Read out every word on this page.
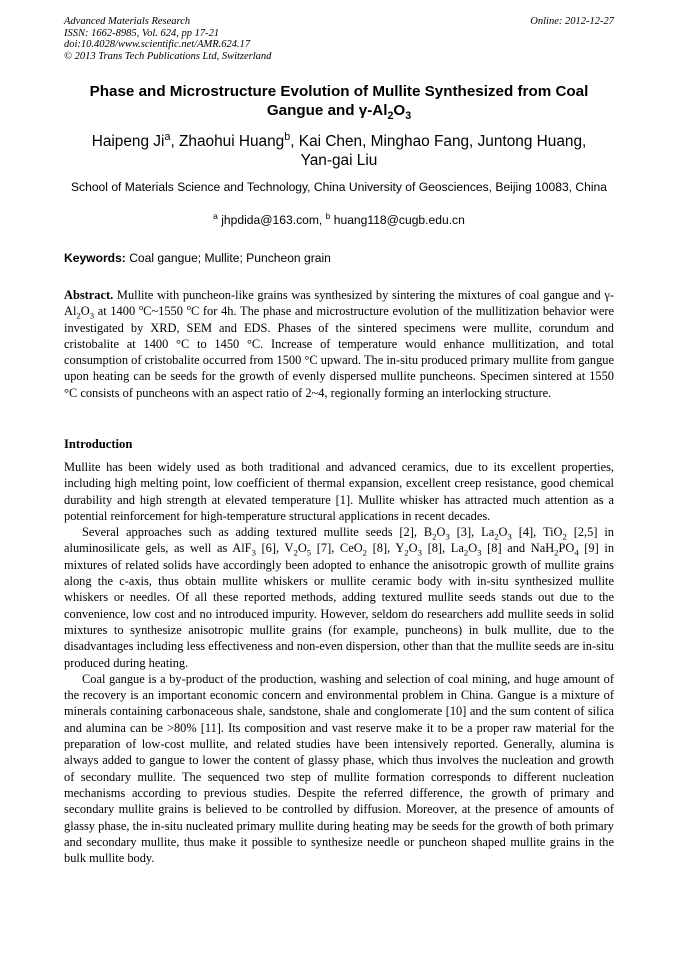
Advanced Materials Research
ISSN: 1662-8985, Vol. 624, pp 17-21
doi:10.4028/www.scientific.net/AMR.624.17
© 2013 Trans Tech Publications Ltd, Switzerland
Online: 2012-12-27
Phase and Microstructure Evolution of Mullite Synthesized from Coal
Gangue and $\gamma-Al_2O_3$
Haipeng Ji$^a$, Zhaohui Huang$^b$, Kai Chen, Minghao Fang, Juntong Huang,
Yan-gai Liu
School of Materials Science and Technology, China University of Geosciences, Beijing 10083, China
$^a$ jhpdida@163.com, $^b$ huang118@cugb.edu.cn
Keywords: Coal gangue; Mullite; Puncheon grain

Abstract. Mullite with puncheon-like grains was synthesized by sintering the mixtures of coal gangue and $\gamma-Al_2O_3$ at 1400 $^o$C~1550 $^o$C for 4h. The phase and microstructure evolution of the mullitization behavior were investigated by XRD, SEM and EDS. Phases of the sintered specimens were mullite, corundum and cristobalite at 1400 °C to 1450 °C. Increase of temperature would enhance mullitization, and total consumption of cristobalite occurred from 1500 °C upward. The in-situ produced primary mullite from gangue upon heating can be seeds for the growth of evenly dispersed mullite puncheons. Specimen sintered at 1550 °C consists of puncheons with an aspect ratio of 2~4, regionally forming an interlocking structure.

Introduction

Mullite has been widely used as both traditional and advanced ceramics, due to its excellent properties, including high melting point, low coefficient of thermal expansion, excellent creep resistance, good chemical durability and high strength at elevated temperature [1]. Mullite whisker has attracted much attention as a potential reinforcement for high-temperature structural applications in recent decades.

Several approaches such as adding textured mullite seeds [2], $B_2O_3$ [3], $La_2O_3$ [4], TiO$_2$ [2,5] in aluminosilicate gels, as well as AlF$_3$ [6], $V_2O_5$ [7], CeO$_2$ [8], $Y_2O_3$ [8], $La_2O_3$ [8] and $NaH_2PO_4$ [9] in mixtures of related solids have accordingly been adopted to enhance the anisotropic growth of mullite grains along the c-axis, thus obtain mullite whiskers or mullite ceramic body with in-situ synthesized mullite whiskers or needles. Of all these reported methods, adding textured mullite seeds stands out due to the convenience, low cost and no introduced impurity. However, seldom do researchers add mullite seeds in solid mixtures to synthesize anisotropic mullite grains (for example, puncheons) in bulk mullite, due to the disadvantages including less effectiveness and non-even dispersion, other than that the mullite seeds are in-situ produced during heating.

Coal gangue is a by-product of the production, washing and selection of coal mining, and huge amount of the recovery is an important economic concern and environmental problem in China. Gangue is a mixture of minerals containing carbonaceous shale, sandstone, shale and conglomerate [10] and the sum content of silica and alumina can be >80% [11]. Its composition and vast reserve make it to be a proper raw material for the preparation of low-cost mullite, and related studies have been intensively reported. Generally, alumina is always added to gangue to lower the content of glassy phase, which thus involves the nucleation and growth of secondary mullite. The sequenced two step of mullite formation corresponds to different nucleation mechanisms according to previous studies. Despite the referred difference, the growth of primary and secondary mullite grains is believed to be controlled by diffusion. Moreover, at the presence of amounts of glassy phase, the in-situ nucleated primary mullite during heating may be seeds for the growth of both primary and secondary mullite, thus make it possible to synthesize needle or puncheon shaped mullite grains in the bulk mullite body.
